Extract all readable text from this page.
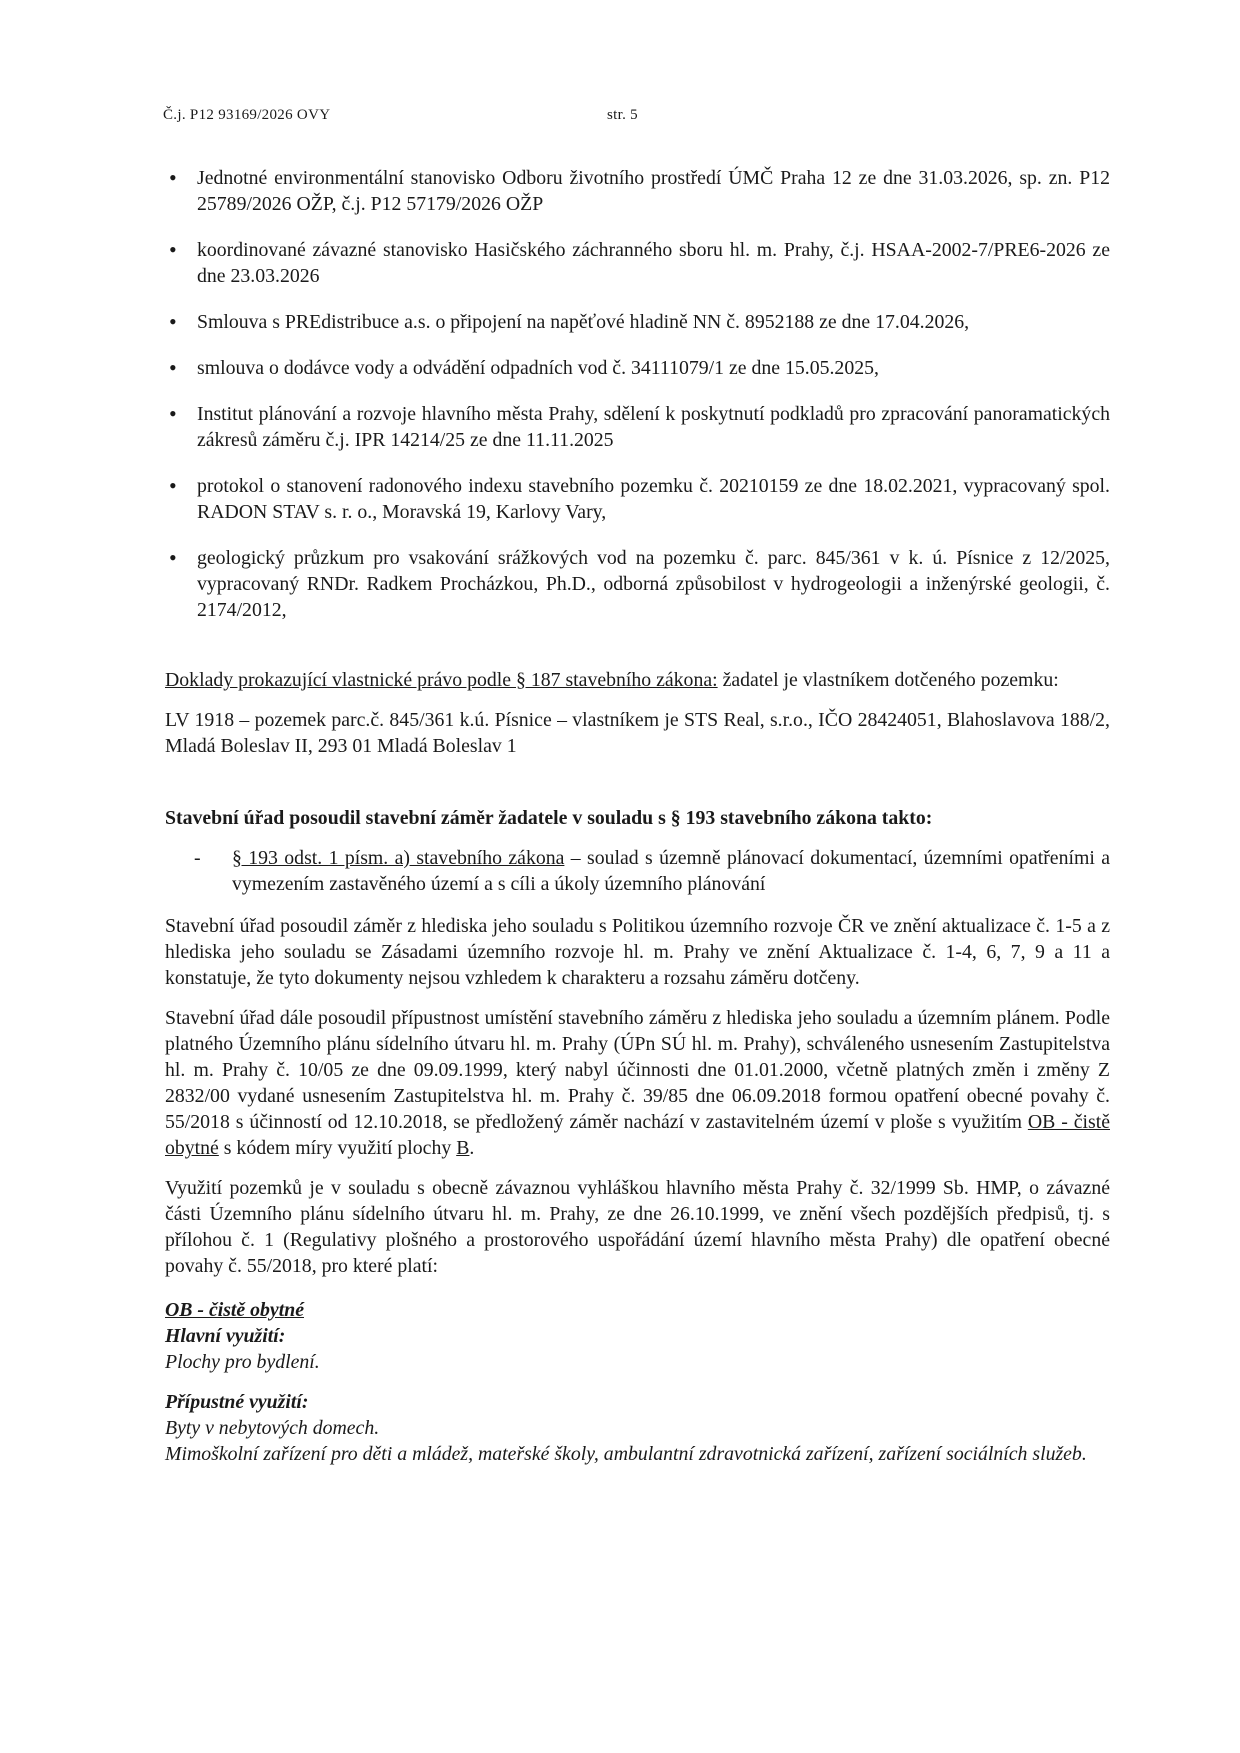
Č.j. P12 93169/2026 OVY	str. 5
• Jednotné environmentální stanovisko Odboru životního prostředí ÚMČ Praha 12 ze dne 31.03.2026, sp. zn. P12 25789/2026 OŽP, č.j. P12 57179/2026 OŽP
• koordinované závazné stanovisko Hasičského záchranného sboru hl. m. Prahy, č.j. HSAA-2002-7/PRE6-2026 ze dne 23.03.2026
• Smlouva s PREdistribuce a.s. o připojení na napěťové hladině NN č. 8952188 ze dne 17.04.2026,
• smlouva o dodávce vody a odvádění odpadních vod č. 34111079/1 ze dne 15.05.2025,
• Institut plánování a rozvoje hlavního města Prahy, sdělení k poskytnutí podkladů pro zpracování panoramatických zákresů záměru č.j. IPR 14214/25 ze dne 11.11.2025
• protokol o stanovení radonového indexu stavebního pozemku č. 20210159 ze dne 18.02.2021, vypracovaný spol. RADON STAV s. r. o., Moravská 19, Karlovy Vary,
• geologický průzkum pro vsakování srážkových vod na pozemku č. parc. 845/361 v k. ú. Písnice z 12/2025, vypracovaný RNDr. Radkem Procházkou, Ph.D., odborná způsobilost v hydrogeologii a inženýrské geologii, č. 2174/2012,

Doklady prokazující vlastnické právo podle § 187 stavebního zákona: žadatel je vlastníkem dotčeného pozemku:

LV 1918 – pozemek parc.č. 845/361 k.ú. Písnice – vlastníkem je STS Real, s.r.o., IČO 28424051, Blahoslavova 188/2, Mladá Boleslav II, 293 01 Mladá Boleslav 1

Stavební úřad posoudil stavební záměr žadatele v souladu s § 193 stavebního zákona takto:

- § 193 odst. 1 písm. a) stavebního zákona – soulad s územně plánovací dokumentací, územními opatřeními a vymezením zastavěného území a s cíli a úkoly územního plánování

Stavební úřad posoudil záměr z hlediska jeho souladu s Politikou územního rozvoje ČR ve znění aktualizace č. 1-5 a z hlediska jeho souladu se Zásadami územního rozvoje hl. m. Prahy ve znění Aktualizace č. 1-4, 6, 7, 9 a 11 a konstatuje, že tyto dokumenty nejsou vzhledem k charakteru a rozsahu záměru dotčeny.

Stavební úřad dále posoudil přípustnost umístění stavebního záměru z hlediska jeho souladu a územním plánem. Podle platného Územního plánu sídelního útvaru hl. m. Prahy (ÚPn SÚ hl. m. Prahy), schváleného usnesením Zastupitelstva hl. m. Prahy č. 10/05 ze dne 09.09.1999, který nabyl účinnosti dne 01.01.2000, včetně platných změn i změny Z 2832/00 vydané usnesením Zastupitelstva hl. m. Prahy č. 39/85 dne 06.09.2018 formou opatření obecné povahy č. 55/2018 s účinností od 12.10.2018, se předložený záměr nachází v zastavitelném území v ploše s využitím OB - čistě obytné s kódem míry využití plochy B.

Využití pozemků je v souladu s obecně závaznou vyhláškou hlavního města Prahy č. 32/1999 Sb. HMP, o závazné části Územního plánu sídelního útvaru hl. m. Prahy, ze dne 26.10.1999, ve znění všech pozdějších předpisů, tj. s přílohou č. 1 (Regulativy plošného a prostorového uspořádání území hlavního města Prahy) dle opatření obecné povahy č. 55/2018, pro které platí:

OB - čistě obytné
Hlavní využití:
Plochy pro bydlení.
Přípustné využití:
Byty v nebytových domech.
Mimoškolní zařízení pro děti a mládež, mateřské školy, ambulantní zdravotnická zařízení, zařízení sociálních služeb.
